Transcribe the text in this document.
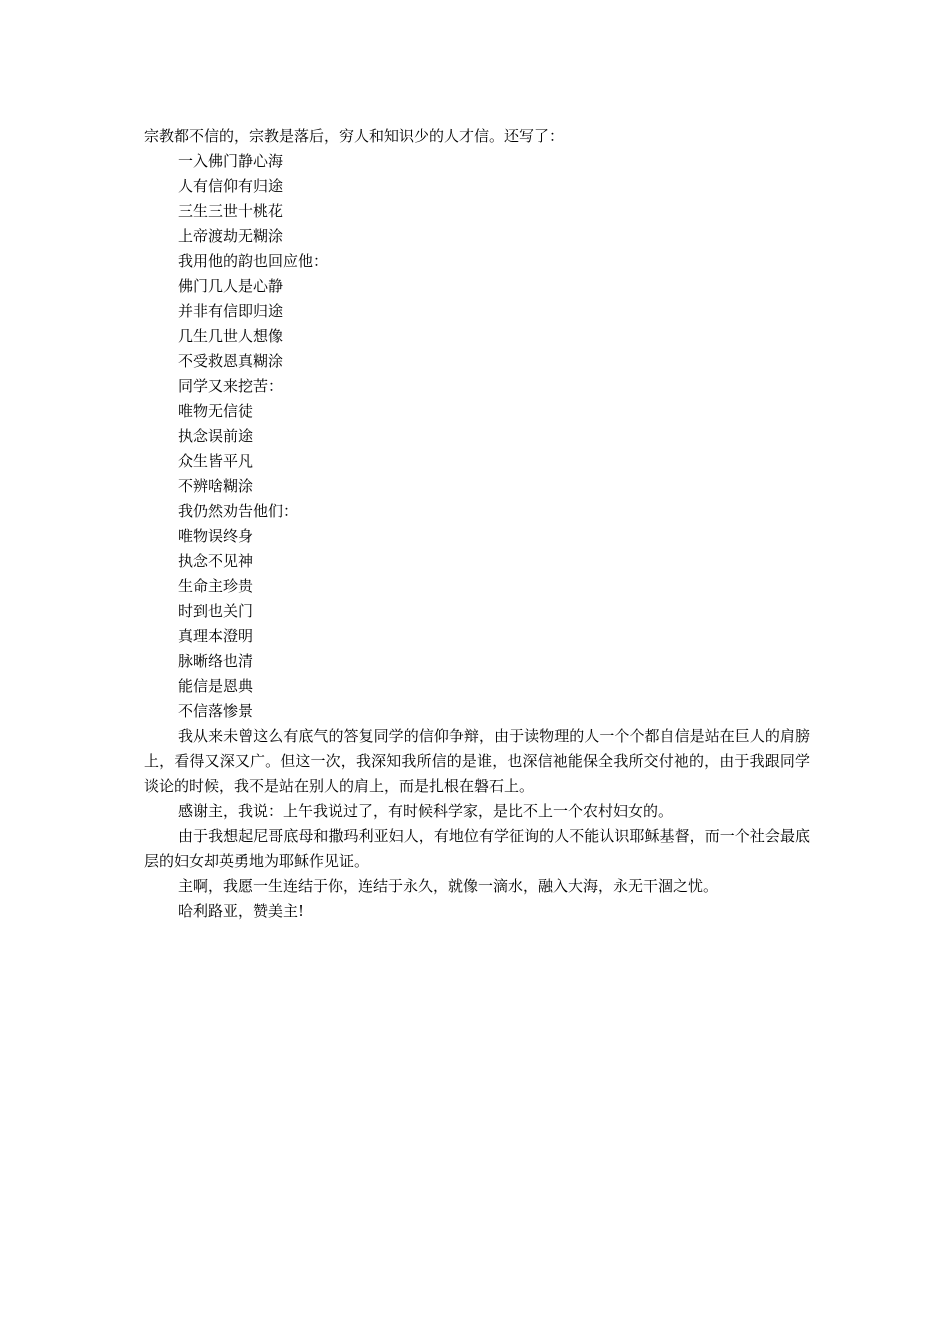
宗教都不信的，宗教是落后，穷人和知识少的人才信。还写了：
一入佛门静心海
人有信仰有归途
三生三世十桃花
上帝渡劫无糊涂
我用他的韵也回应他：
佛门几人是心静
并非有信即归途
几生几世人想像
不受救恩真糊涂
同学又来挖苦：
唯物无信徒
执念误前途
众生皆平凡
不辨啥糊涂
我仍然劝告他们：
唯物误终身
执念不见神
生命主珍贵
时到也关门
真理本澄明
脉晰络也清
能信是恩典
不信落惨景

我从来未曾这么有底气的答复同学的信仰争辩，由于读物理的人一个个都自信是站在巨人的肩膀上，看得又深又广。但这一次，我深知我所信的是谁，也深信祂能保全我所交付祂的，由于我跟同学谈论的时候，我不是站在别人的肩上，而是扎根在磐石上。

感谢主，我说：上午我说过了，有时候科学家，是比不上一个农村妇女的。

由于我想起尼哥底母和撒玛利亚妇人，有地位有学征询的人不能认识耶稣基督，而一个社会最底层的妇女却英勇地为耶稣作见证。

主啊，我愿一生连结于你，连结于永久，就像一滴水，融入大海，永无干涸之忧。

哈利路亚，赞美主!
